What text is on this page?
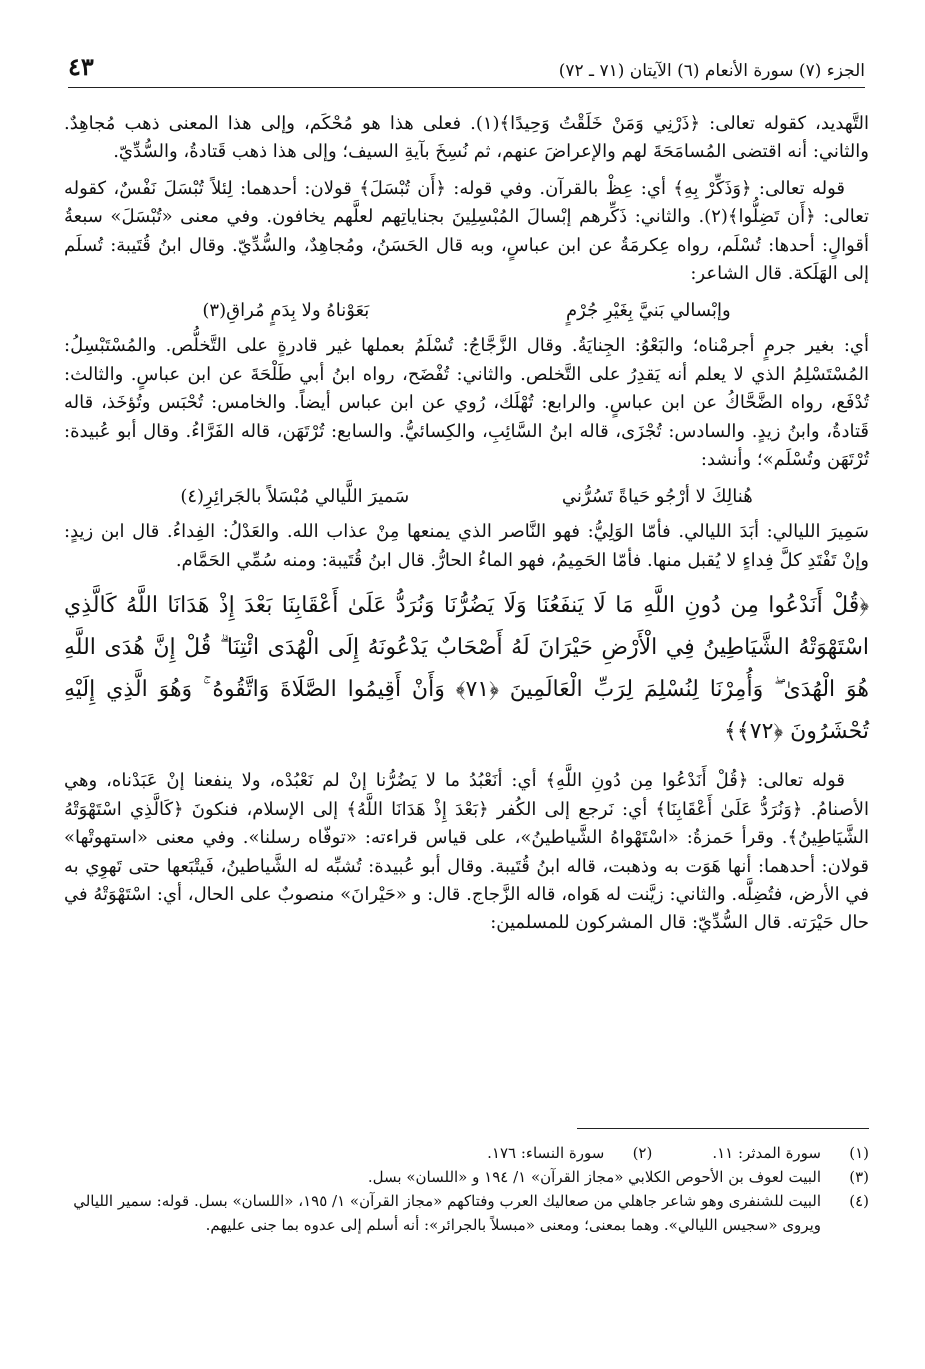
الجزء (٧) سورة الأنعام (٦) الآيتان (٧١ ـ ٧٢)
٤٣

التَّهديد، كقوله تعالى: ﴿ذَرْنِي وَمَنْ خَلَقْتُ وَحِيدًا﴾(١). فعلى هذا هو مُحْكَم، وإلى هذا المعنى ذهب مُجاهِدٌ. والثاني: أنه اقتضى المُسامَحَةَ لهم والإعراضَ عنهم، ثم نُسِخَ بآيةِ السيف؛ وإلى هذا ذهب قَتادةُ، والسُّدِّيّ.

قوله تعالى: ﴿وَذَكِّرْ بِهِ﴾ أي: عِظْ بالقرآن. وفي قوله: ﴿أَن تُبْسَلَ﴾ قولان: أحدهما: لِئلاً تُبْسَلَ نَفْسٌ، كقوله تعالى: ﴿أَن تَضِلُّوا﴾(٢). والثاني: ذَكِّرهم إبْسالَ المُبْسِلِينَ بجناياتِهم لعلَّهم يخافون. وفي معنى «تُبْسَلَ» سبعةُ أقوالٍ: أحدها: تُسْلَم، رواه عِكرمَةُ عن ابن عباسٍ، وبه قال الحَسَنُ، ومُجاهِدٌ، والسُّدِّيّ. وقال ابنُ قُتَيبة: تُسلَم إلى الهَلَكة. قال الشاعر:

وإبْسالي بَنيَّ بِغَيْرِ جُرْمٍ
بَعَوْناهُ ولا بِدَمٍ مُراقِ(٣)

أي: بغير جرمٍ أجرمْناه؛ والبَعْوُ: الجِنايَةُ. وقال الزَّجَّاجُ: تُسْلَمُ بعملها غير قادرةٍ على التَّخلُّص. والمُسْتَبْسِلُ: المُسْتَسْلِمُ الذي لا يعلم أنه يَقدِرُ على التَّخلص. والثاني: تُفْضَح، رواه ابنُ أبي طَلْحَةَ عن ابن عباسٍ. والثالث: تُدْفَع، رواه الضَّحَّاكُ عن ابن عباسٍ. والرابع: تُهْلَك، رُوي عن ابن عباس أيضاً. والخامس: تُحْبَس وتُؤخَذ، قاله قَتادةُ، وابنُ زيدٍ. والسادس: تُجْزَى، قاله ابنُ السَّائِبِ، والكِسائيُّ. والسابع: تُرْتَهَن، قاله الفَرَّاءُ. وقال أبو عُبيدة: تُرْتَهَن وتُسْلَم»؛ وأنشد:

هُنالِكَ لا أرْجُو حَياةً تَسُرُّني
سَميرَ اللَّيالي مُبْسَلاً بالجَرائِرِ(٤)

سَمِيرَ الليالي: أبَدَ الليالي. فأمّا الوَلِيُّ: فهو النَّاصر الذي يمنعها مِنْ عذاب الله. والعَدْلُ: الفِداءُ. قال ابن زيدٍ: وإنْ تَفْتَدِ كلَّ فِداءٍ لا يُقبل منها. فأمّا الحَمِيمُ، فهو الماءُ الحارُّ. قال ابنُ قُتَيبة: ومنه سُمِّي الحَمَّام.

﴿قُلْ أَنَدْعُوا مِن دُونِ اللَّهِ مَا لَا يَنفَعُنَا وَلَا يَضُرُّنَا وَنُرَدُّ عَلَىٰ أَعْقَابِنَا بَعْدَ إِذْ هَدَانَا اللَّهُ كَالَّذِي اسْتَهْوَتْهُ الشَّيَاطِينُ فِي الْأَرْضِ حَيْرَانَ لَهُ أَصْحَابٌ يَدْعُونَهُ إِلَى الْهُدَى ائْتِنَا ۗ قُلْ إِنَّ هُدَى اللَّهِ هُوَ الْهُدَىٰ ۖ وَأُمِرْنَا لِنُسْلِمَ لِرَبِّ الْعَالَمِينَ ﴿٧١﴾ وَأَنْ أَقِيمُوا الصَّلَاةَ وَاتَّقُوهُ ۚ وَهُوَ الَّذِي إِلَيْهِ تُحْشَرُونَ ﴿٧٢﴾﴾

قوله تعالى: ﴿قُلْ أَنَدْعُوا مِن دُونِ اللَّهِ﴾ أي: أنَعْبُدُ ما لا يَضُرُّنا إنْ لم نَعْبُدْه، ولا ينفعنا إنْ عَبَدْناه، وهي الأصنامُ. ﴿وَنُرَدُّ عَلَىٰ أَعْقَابِنَا﴾ أي: نَرجع إلى الكُفر ﴿بَعْدَ إِذْ هَدَانَا اللَّهُ﴾ إلى الإسلام، فنكونَ ﴿كَالَّذِي اسْتَهْوَتْهُ الشَّيَاطِينُ﴾. وقرأ حَمزةُ: «اسْتَهْواهُ الشَّياطينُ»، على قياس قراءته: «توفّاه رسلنا». وفي معنى «استهوتْها» قولان: أحدهما: أنها هَوَت به وذهبت، قاله ابنُ قُتَيبة. وقال أبو عُبيدة: تُشبِّه له الشَّياطينُ، فَيتْبَعها حتى تَهوِي به في الأرض، فتُضِلَّه. والثاني: زيَّنت له هَواه، قاله الزَّجاج. قال: و «حَيْرانَ» منصوبٌ على الحال، أي: اسْتَهْوَتْهُ في حال حَيْرَته. قال السُّدِّيّ: قال المشركون للمسلمين:

(١)
سورة المدثر: ١١.
(٢)
سورة النساء: ١٧٦.
(٣)
البيت لعوف بن الأحوص الكلابي «مجاز القرآن» ١/ ١٩٤ و «اللسان» بسل.
(٤)
البيت للشنفرى وهو شاعر جاهلي من صعاليك العرب وفتاكهم «مجاز القرآن» ١/ ١٩٥، «اللسان» بسل. قوله: سمير الليالي ويروى «سجيس الليالي». وهما بمعنى؛ ومعنى «مبسلاً بالجرائر»: أنه أسلم إلى عدوه بما جنى عليهم.
